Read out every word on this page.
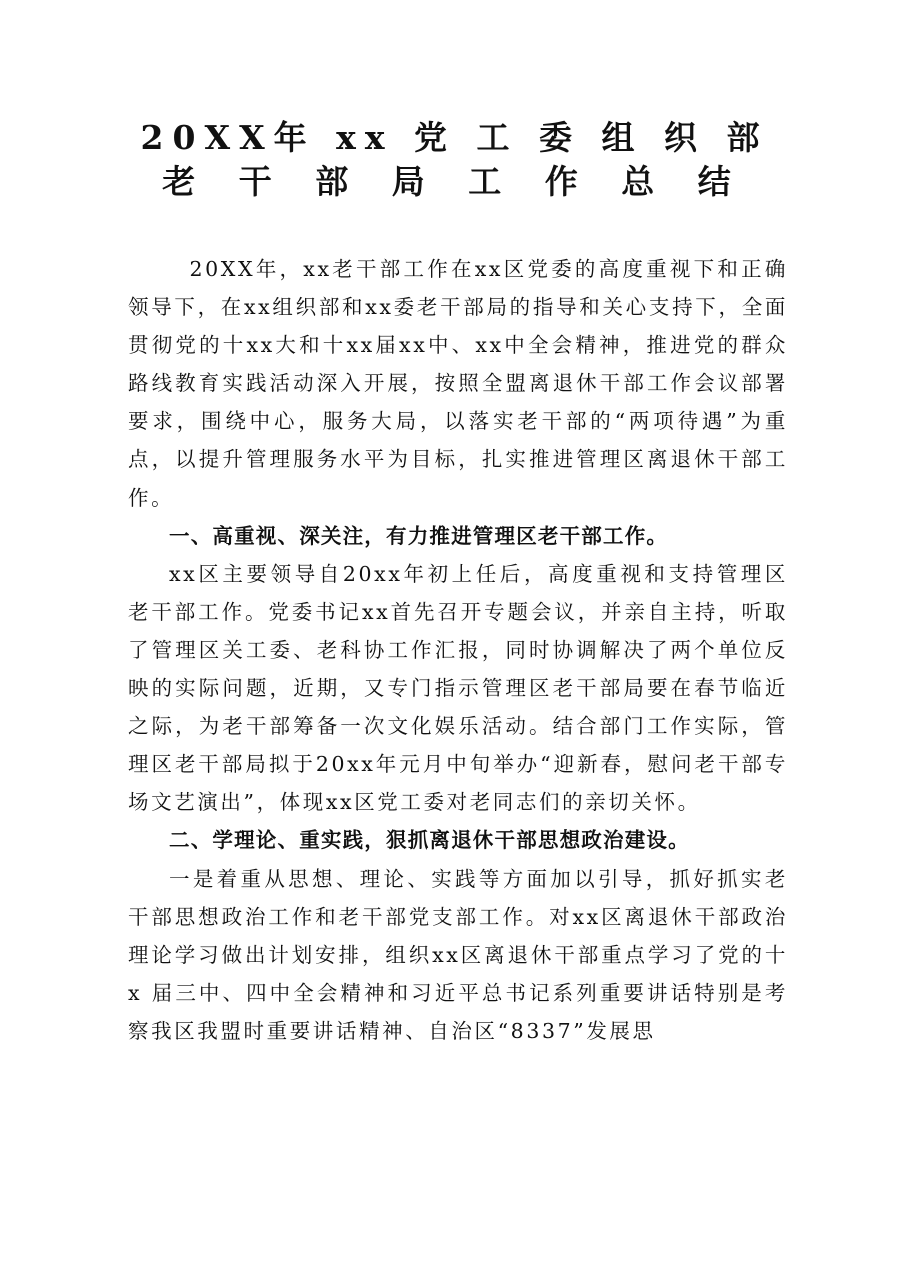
20XX年 xx 党 工 委 组 织 部
老 干 部 局 工 作 总 结

20XX年，xx老干部工作在xx区党委的高度重视下和正确领导下，在xx组织部和xx委老干部局的指导和关心支持下，全面贯彻党的十xx大和十xx届xx中、xx中全会精神，推进党的群众路线教育实践活动深入开展，按照全盟离退休干部工作会议部署要求，围绕中心，服务大局，以落实老干部的“两项待遇”为重点，以提升管理服务水平为目标，扎实推进管理区离退休干部工作。

一、高重视、深关注，有力推进管理区老干部工作。

xx区主要领导自20xx年初上任后，高度重视和支持管理区老干部工作。党委书记xx首先召开专题会议，并亲自主持，听取了管理区关工委、老科协工作汇报，同时协调解决了两个单位反映的实际问题，近期，又专门指示管理区老干部局要在春节临近之际，为老干部筹备一次文化娱乐活动。结合部门工作实际，管理区老干部局拟于20xx年元月中旬举办“迎新春，慰问老干部专场文艺演出”，体现xx区党工委对老同志们的亲切关怀。

二、学理论、重实践，狠抓离退休干部思想政治建设。

一是着重从思想、理论、实践等方面加以引导，抓好抓实老干部思想政治工作和老干部党支部工作。对xx区离退休干部政治理论学习做出计划安排，组织xx区离退休干部重点学习了党的十x 届三中、四中全会精神和习近平总书记系列重要讲话特别是考察我区我盟时重要讲话精神、自治区“8337”发展思
